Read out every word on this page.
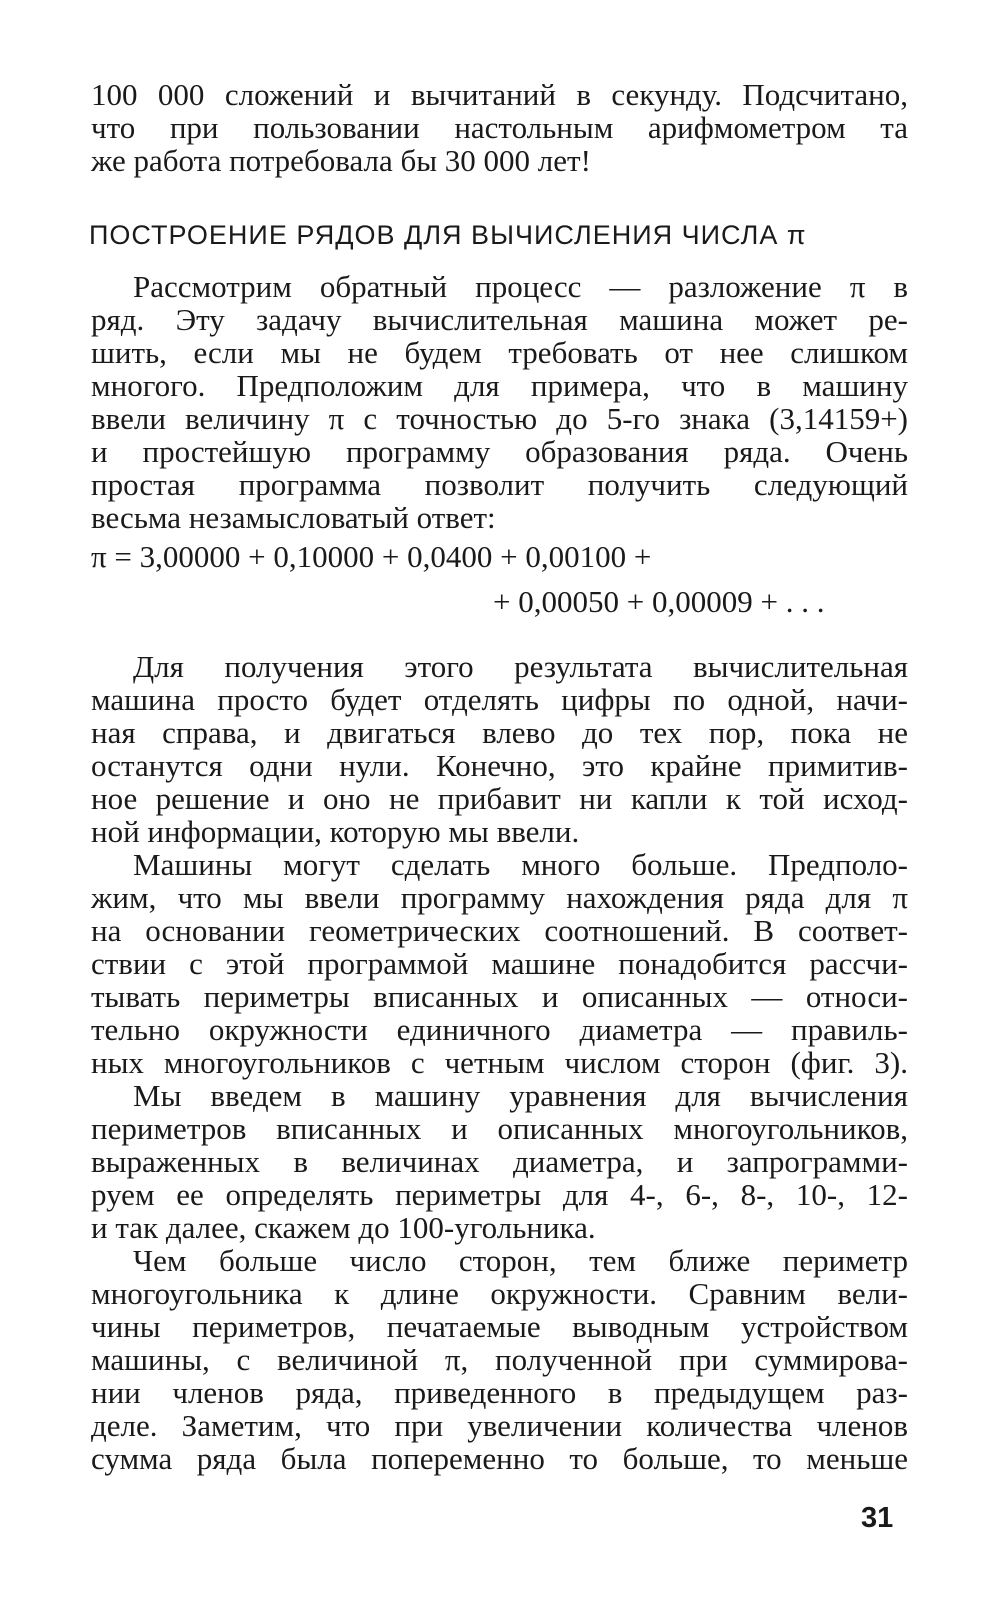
100 000 сложений и вычитаний в секунду. Подсчитано,
что при пользовании настольным арифмометром та
же работа потребовала бы 30 000 лет!
ПОСТРОЕНИЕ РЯДОВ ДЛЯ ВЫЧИСЛЕНИЯ ЧИСЛА π
Рассмотрим обратный процесс — разложение π в
ряд. Эту задачу вычислительная машина может ре-
шить, если мы не будем требовать от нее слишком
многого. Предположим для примера, что в машину
ввели величину π с точностью до 5-го знака (3,14159+)
и простейшую программу образования ряда. Очень
простая программа позволит получить следующий
весьма незамысловатый ответ:
π = 3,00000 + 0,10000 + 0,0400 + 0,00100 +
+ 0,00050 + 0,00009 + . . .
Для получения этого результата вычислительная
машина просто будет отделять цифры по одной, начи-
ная справа, и двигаться влево до тех пор, пока не
останутся одни нули. Конечно, это крайне примитив-
ное решение и оно не прибавит ни капли к той исход-
ной информации, которую мы ввели.
Машины могут сделать много больше. Предполо-
жим, что мы ввели программу нахождения ряда для π
на основании геометрических соотношений. В соответ-
ствии с этой программой машине понадобится рассчи-
тывать периметры вписанных и описанных — относи-
тельно окружности единичного диаметра — правиль-
ных многоугольников с четным числом сторон (фиг. 3).
Мы введем в машину уравнения для вычисления
периметров вписанных и описанных многоугольников,
выраженных в величинах диаметра, и запрограмми-
руем ее определять периметры для 4-, 6-, 8-, 10-, 12-
и так далее, скажем до 100-угольника.
Чем больше число сторон, тем ближе периметр
многоугольника к длине окружности. Сравним вели-
чины периметров, печатаемые выводным устройством
машины, с величиной π, полученной при суммирова-
нии членов ряда, приведенного в предыдущем раз-
деле. Заметим, что при увеличении количества членов
сумма ряда была попеременно то больше, то меньше
31
